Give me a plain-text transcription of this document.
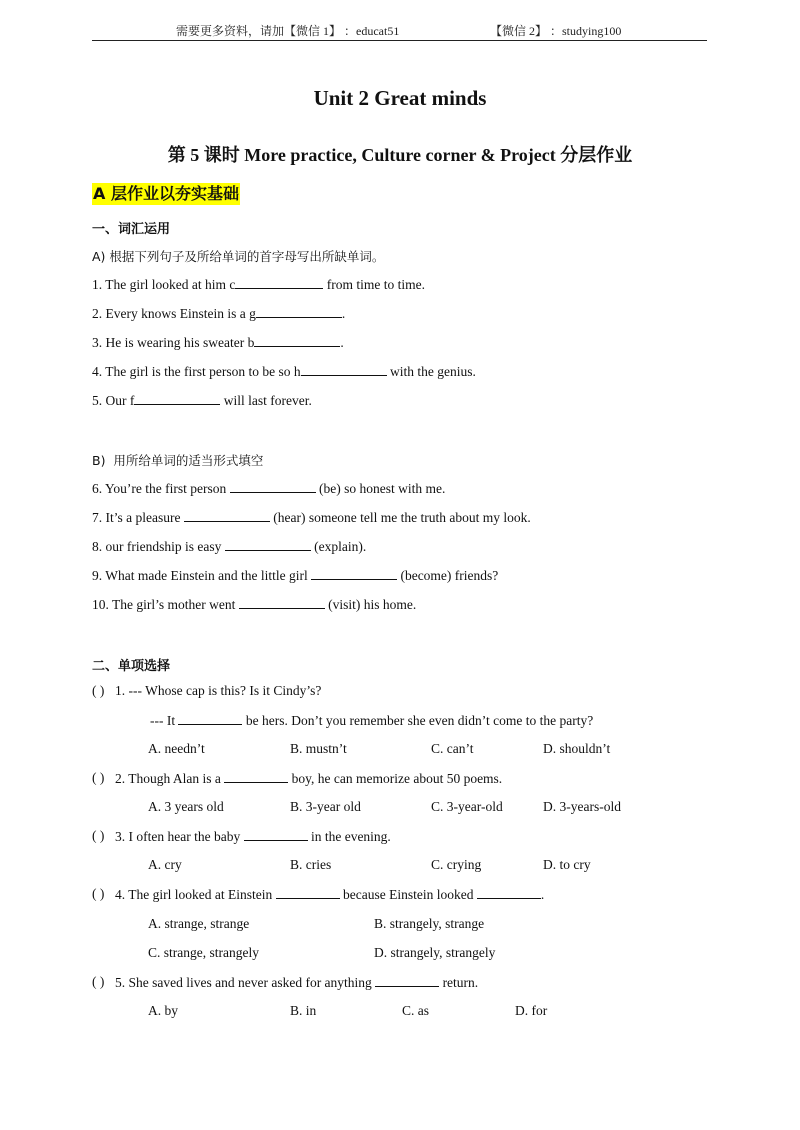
需要更多资料，请加【微信 1】 ：educat51	【微信 2】 ：studying100
Unit 2 Great minds
第 5 课时 More practice, Culture corner & Project 分层作业
A 层作业以夯实基础
一、词汇运用
A) 根据下列句子及所给单词的首字母写出所缺单词。
1. The girl looked at him c	from time to time.
2. Every knows Einstein is a g	.
3. He is wearing his sweater b	.
4. The girl is the first person to be so h	with the genius.
5. Our f	will last forever.
B)  用所给单词的适当形式填空
6. You’re the first person	(be) so honest with me.
7. It’s a pleasure	(hear) someone tell me the truth about my look.
8. our friendship is easy	(explain).
9. What made Einstein and the little girl	(become) friends?
10. The girl’s mother went	(visit) his home.
二、单项选择
( ) 1. --- Whose cap is this? Is it Cindy’s?
--- It	be hers. Don’t you remember she even didn’t come to the party?
A. needn’t	B. mustn’t	C. can’t	D. shouldn’t
( ) 2. Though Alan is a	boy, he can memorize about 50 poems.
A. 3 years old	B. 3-year old	C. 3-year-old	D. 3-years-old
( ) 3. I often hear the baby	in the evening.
A. cry	B. cries	C. crying	D. to cry
( ) 4. The girl looked at Einstein	because Einstein looked	.
A. strange, strange	B. strangely, strange
C. strange, strangely	D. strangely, strangely
( ) 5. She saved lives and never asked for anything	return.
A. by	B. in	C. as	D. for
